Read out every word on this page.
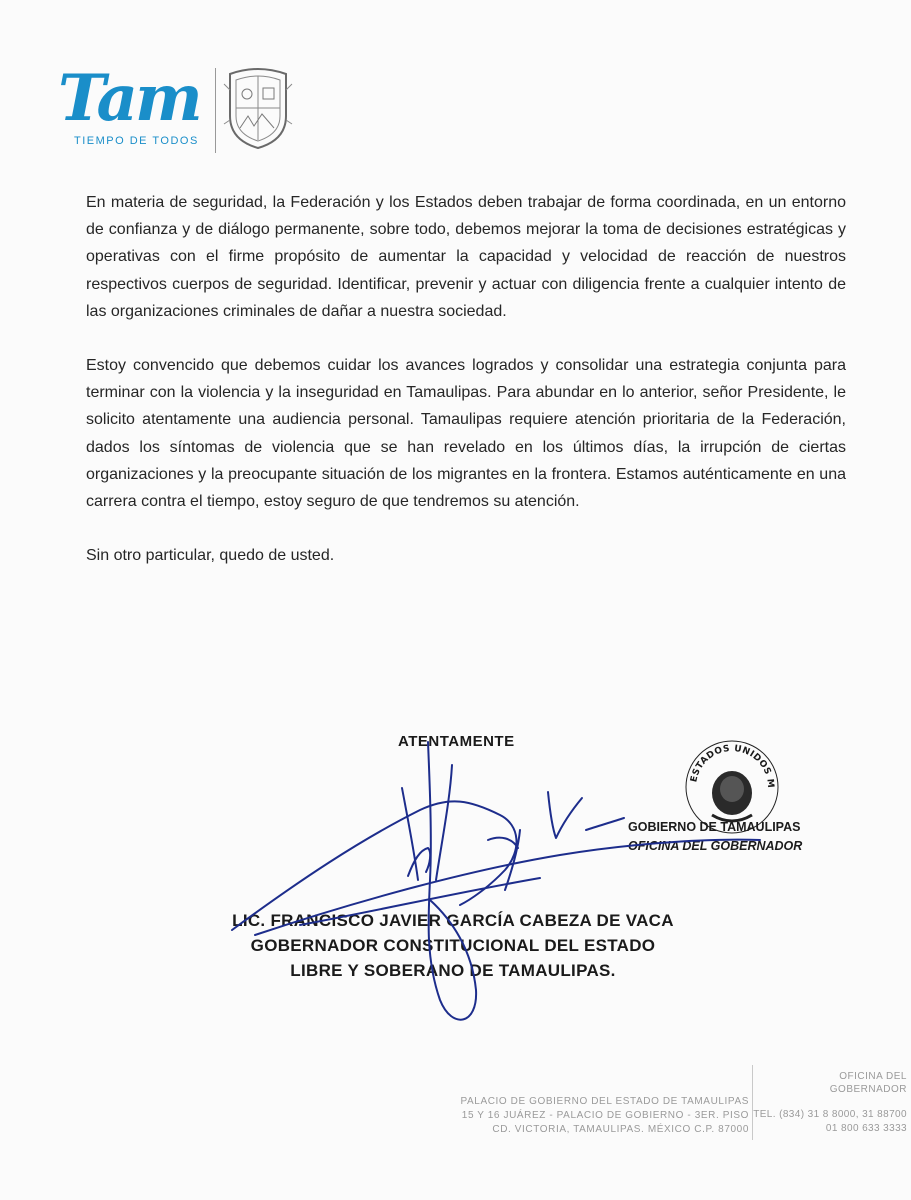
Tam
TIEMPO DE TODOS

En materia de seguridad, la Federación y los Estados deben trabajar de forma coordinada, en un entorno de confianza y de diálogo permanente, sobre todo, debemos mejorar la toma de decisiones estratégicas y operativas con el firme propósito de aumentar la capacidad y velocidad de reacción de nuestros respectivos cuerpos de seguridad. Identificar, prevenir y actuar con diligencia frente a cualquier intento de las organizaciones criminales de dañar a nuestra sociedad.

Estoy convencido que debemos cuidar los avances logrados y consolidar una estrategia conjunta para terminar con la violencia y la inseguridad en Tamaulipas. Para abundar en lo anterior, señor Presidente, le solicito atentamente una audiencia personal. Tamaulipas requiere atención prioritaria de la Federación, dados los síntomas de violencia que se han revelado en los últimos días, la irrupción de ciertas organizaciones y la preocupante situación de los migrantes en la frontera. Estamos auténticamente en una carrera contra el tiempo, estoy seguro de que tendremos su atención.

Sin otro particular, quedo de usted.

ATENTAMENTE
ESTADOS UNIDOS M
GOBIERNO DE TAMAULIPAS
OFICINA DEL GOBERNADOR
LIC. FRANCISCO JAVIER GARCÍA CABEZA DE VACA
GOBERNADOR CONSTITUCIONAL DEL ESTADO
LIBRE Y SOBERANO DE TAMAULIPAS.
PALACIO DE GOBIERNO DEL ESTADO DE TAMAULIPAS
15 Y 16 JUÁREZ - PALACIO DE GOBIERNO - 3ER. PISO
CD. VICTORIA, TAMAULIPAS. MÉXICO C.P. 87000
OFICINA DEL
GOBERNADOR
TEL. (834) 31 8 8000, 31 88700
01 800 633 3333
